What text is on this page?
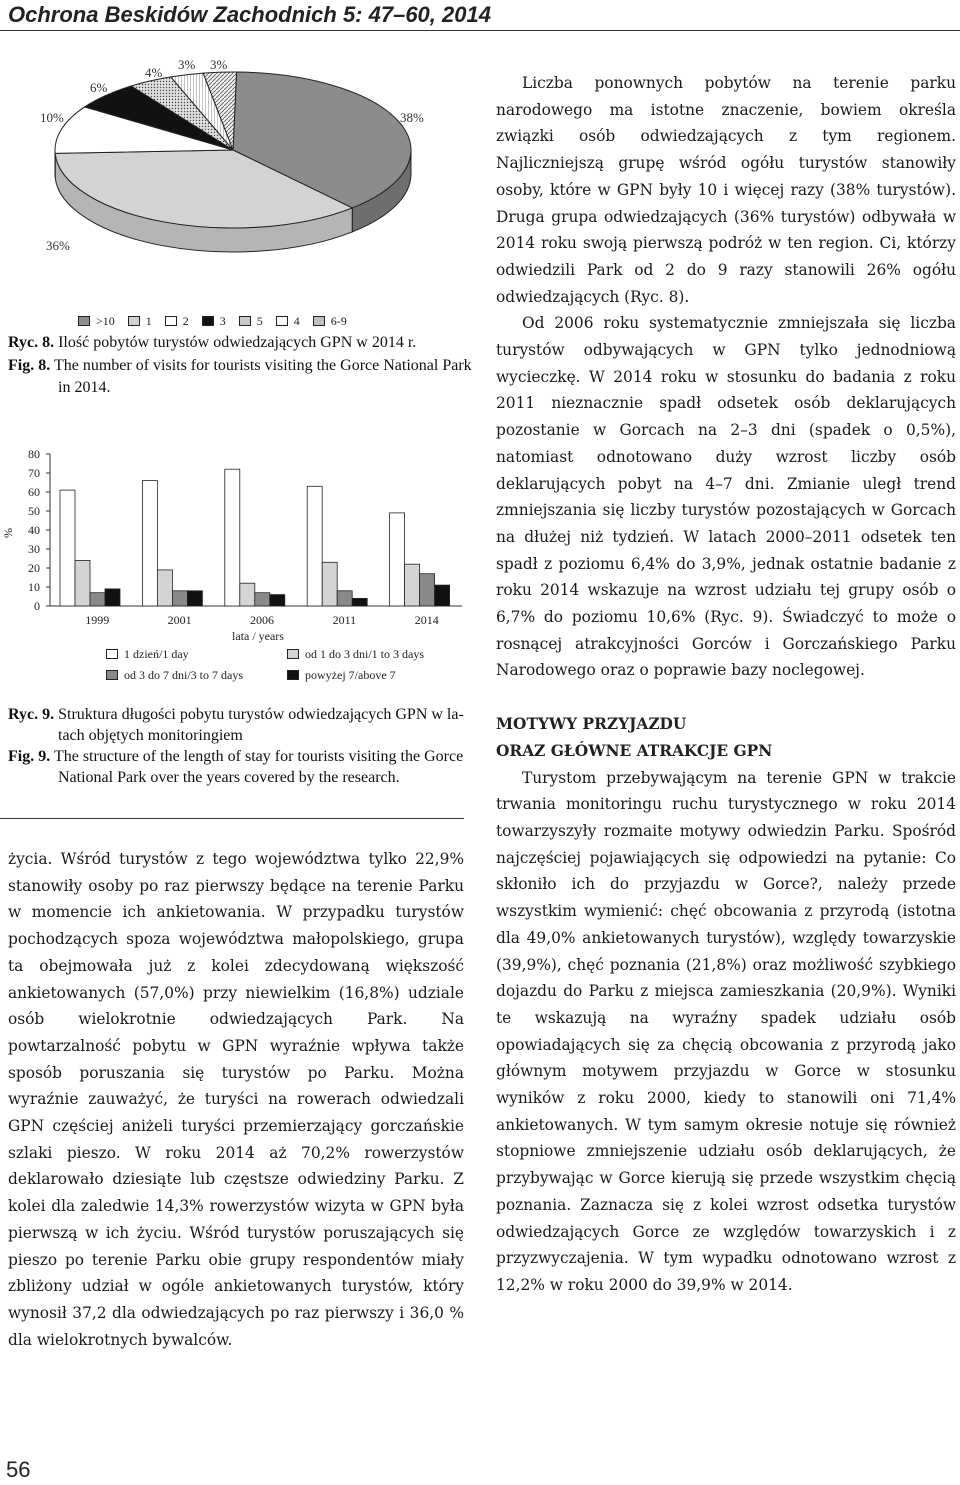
Ochrona Beskidów Zachodnich 5: 47–60, 2014
10%
6%
4%
3% 3%
38%
36%
>10	1	2	3	5	4	6-9
Ryc. 8. Ilość pobytów turystów odwiedzających GPN w 2014 r.
Fig. 8. The number of visits for tourists visiting the Gorce National Park
in 2014.
%
0
10
20
30
40
50
60
70
80
1999	2001	2006	2011	2014
lata / years
1 dzień/1 day	od 1 do 3 dni/1 to 3 days
od 3 do 7 dni/3 to 7 days	powyżej 7/above 7
Ryc. 9. Struktura długości pobytu turystów odwiedzających GPN w la-
tach objętych monitoringiem
Fig. 9. The structure of the length of stay for tourists visiting the Gorce
National Park over the years covered by the research.

życia. Wśród turystów z tego województwa tylko 22,9% stanowiły osoby po raz pierwszy będące na terenie Parku w momencie ich ankietowania. W przypadku turystów pochodzących spoza województwa małopolskiego, grupa ta obejmowała już z kolei zdecydowaną większość ankietowanych (57,0%) przy niewielkim (16,8%) udziale osób wielokrotnie odwiedzających Park. Na powtarzalność pobytu w GPN wyraźnie wpływa także sposób poruszania się turystów po Parku. Można wyraźnie zauważyć, że turyści na rowerach odwiedzali GPN częściej aniżeli turyści przemierzający gorczańskie szlaki pieszo. W roku 2014 aż 70,2% rowerzystów deklarowało dziesiąte lub częstsze odwiedziny Parku. Z kolei dla zaledwie 14,3% rowerzystów wizyta w GPN była pierwszą w ich życiu. Wśród turystów poruszających się pieszo po terenie Parku obie grupy respondentów miały zbliżony udział w ogóle ankietowanych turystów, który wynosił 37,2 dla odwiedzających po raz pierwszy i 36,0 % dla wielokrotnych bywalców.

Liczba ponownych pobytów na terenie parku narodowego ma istotne znaczenie, bowiem określa związki osób odwiedzających z tym regionem. Najliczniejszą grupę wśród ogółu turystów stanowiły osoby, które w GPN były 10 i więcej razy (38% turystów). Druga grupa odwiedzających (36% turystów) odbywała w 2014 roku swoją pierwszą podróż w ten region. Ci, którzy odwiedzili Park od 2 do 9 razy stanowili 26% ogółu odwiedzających (Ryc. 8).

Od 2006 roku systematycznie zmniejszała się liczba turystów odbywających w GPN tylko jednodniową wycieczkę. W 2014 roku w stosunku do badania z roku 2011 nieznacznie spadł odsetek osób deklarujących pozostanie w Gorcach na 2–3 dni (spadek o 0,5%), natomiast odnotowano duży wzrost liczby osób deklarujących pobyt na 4–7 dni. Zmianie uległ trend zmniejszania się liczby turystów pozostających w Gorcach na dłużej niż tydzień. W latach 2000–2011 odsetek ten spadł z poziomu 6,4% do 3,9%, jednak ostatnie badanie z roku 2014 wskazuje na wzrost udziału tej grupy osób o 6,7% do poziomu 10,6% (Ryc. 9). Świadczyć to może o rosnącej atrakcyjności Gorców i Gorczańskiego Parku Narodowego oraz o poprawie bazy noclegowej.

MOTYWY PRZYJAZDU
ORAZ GŁÓWNE ATRAKCJE GPN

Turystom przebywającym na terenie GPN w trakcie trwania monitoringu ruchu turystycznego w roku 2014 towarzyszyły rozmaite motywy odwiedzin Parku. Spośród najczęściej pojawiających się odpowiedzi na pytanie: Co skłoniło ich do przyjazdu w Gorce?, należy przede wszystkim wymienić: chęć obcowania z przyrodą (istotna dla 49,0% ankietowanych turystów), względy towarzyskie (39,9%), chęć poznania (21,8%) oraz możliwość szybkiego dojazdu do Parku z miejsca zamieszkania (20,9%). Wyniki te wskazują na wyraźny spadek udziału osób opowiadających się za chęcią obcowania z przyrodą jako głównym motywem przyjazdu w Gorce w stosunku wyników z roku 2000, kiedy to stanowili oni 71,4% ankietowanych. W tym samym okresie notuje się również stopniowe zmniejszenie udziału osób deklarujących, że przybywając w Gorce kierują się przede wszystkim chęcią poznania. Zaznacza się z kolei wzrost odsetka turystów odwiedzających Gorce ze względów towarzyskich i z przyzwyczajenia. W tym wypadku odnotowano wzrost z 12,2% w roku 2000 do 39,9% w 2014.

56
